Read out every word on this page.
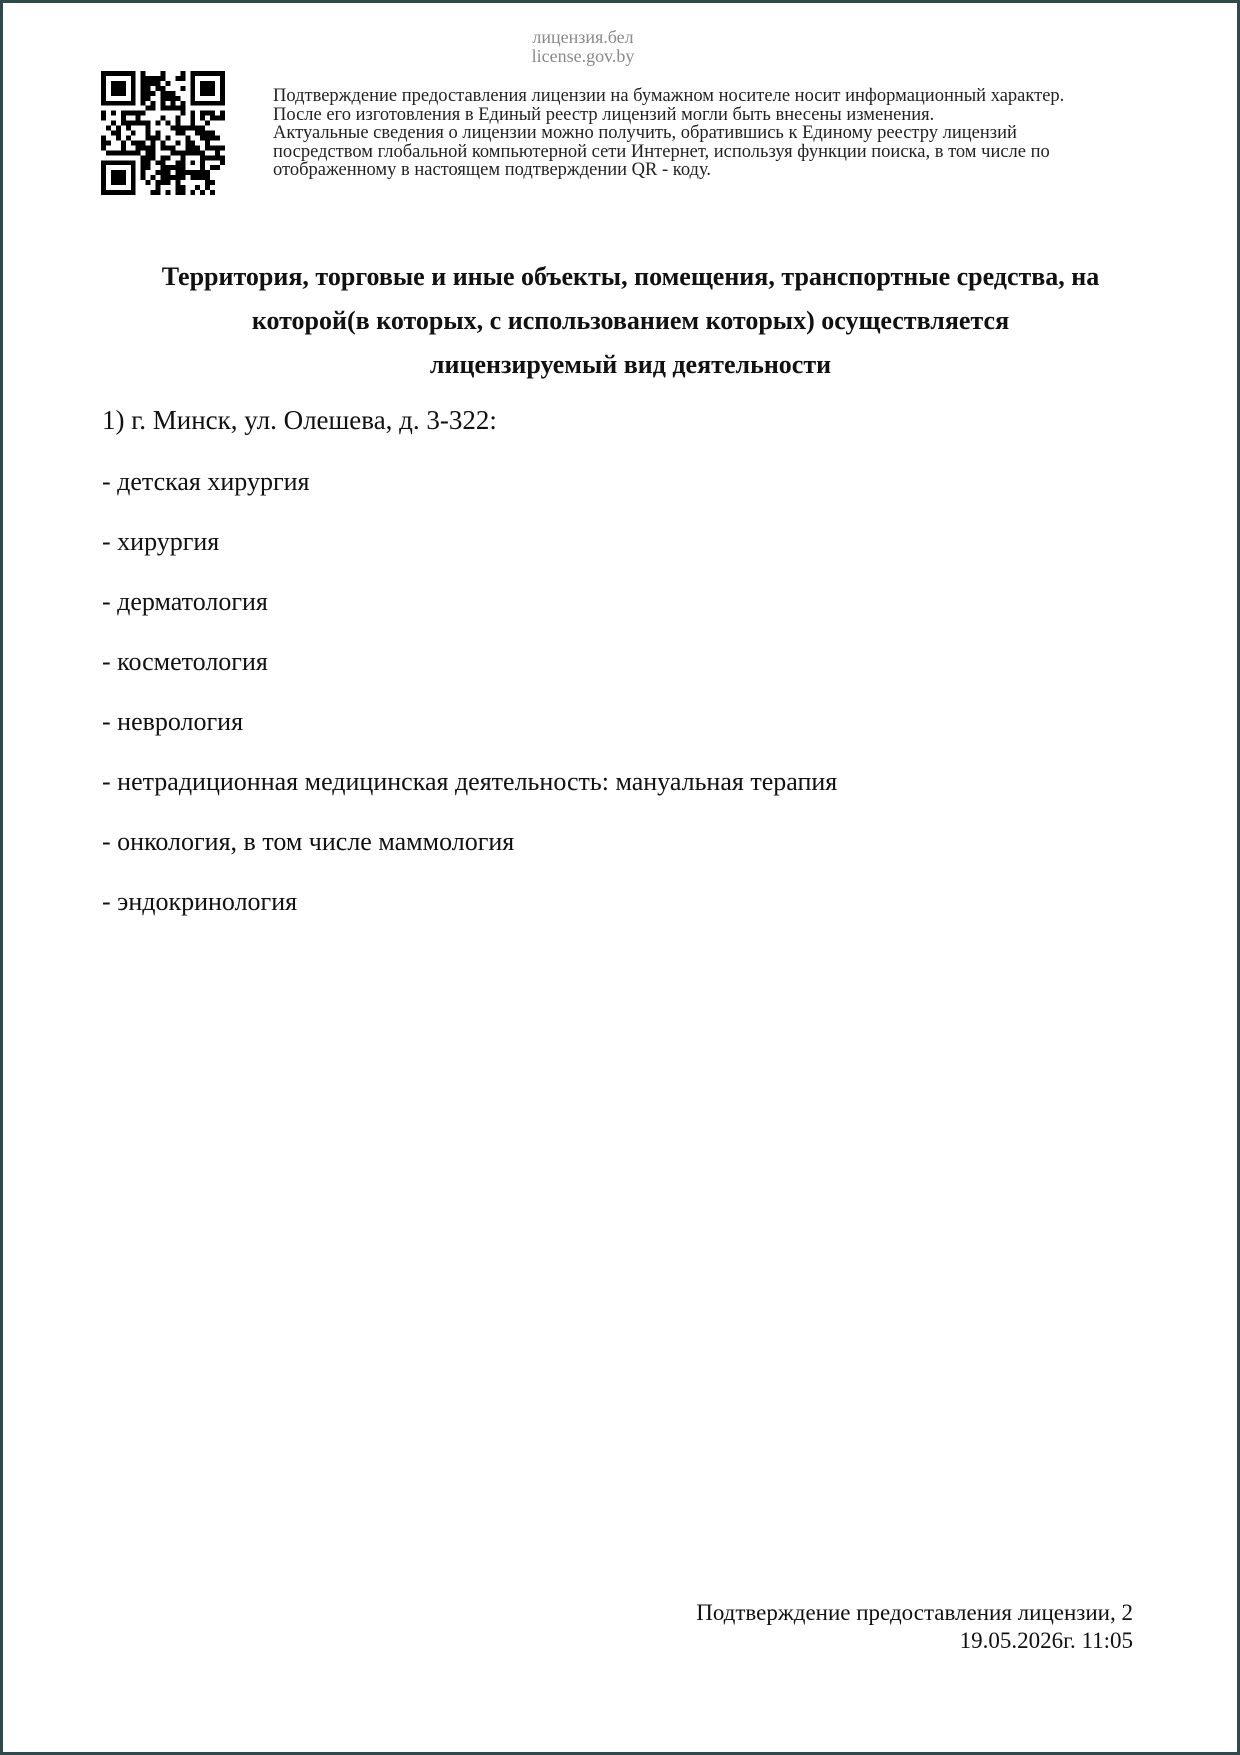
лицензия.бел
license.gov.by
Подтверждение предоставления лицензии на бумажном носителе носит информационный характер.
После его изготовления в Единый реестр лицензий могли быть внесены изменения.
Актуальные сведения о лицензии можно получить, обратившись к Единому реестру лицензий
посредством глобальной компьютерной сети Интернет, используя функции поиска, в том числе по
отображенному в настоящем подтверждении QR - коду.
Территория, торговые и иные объекты, помещения, транспортные средства, на
которой(в которых, с использованием которых) осуществляется
лицензируемый вид деятельности
1) г. Минск, ул. Олешева, д. 3-322:
- детская хирургия
- хирургия
- дерматология
- косметология
- неврология
- нетрадиционная медицинская деятельность: мануальная терапия
- онкология, в том числе маммология
- эндокринология
Подтверждение предоставления лицензии, 2
19.05.2026г. 11:05
